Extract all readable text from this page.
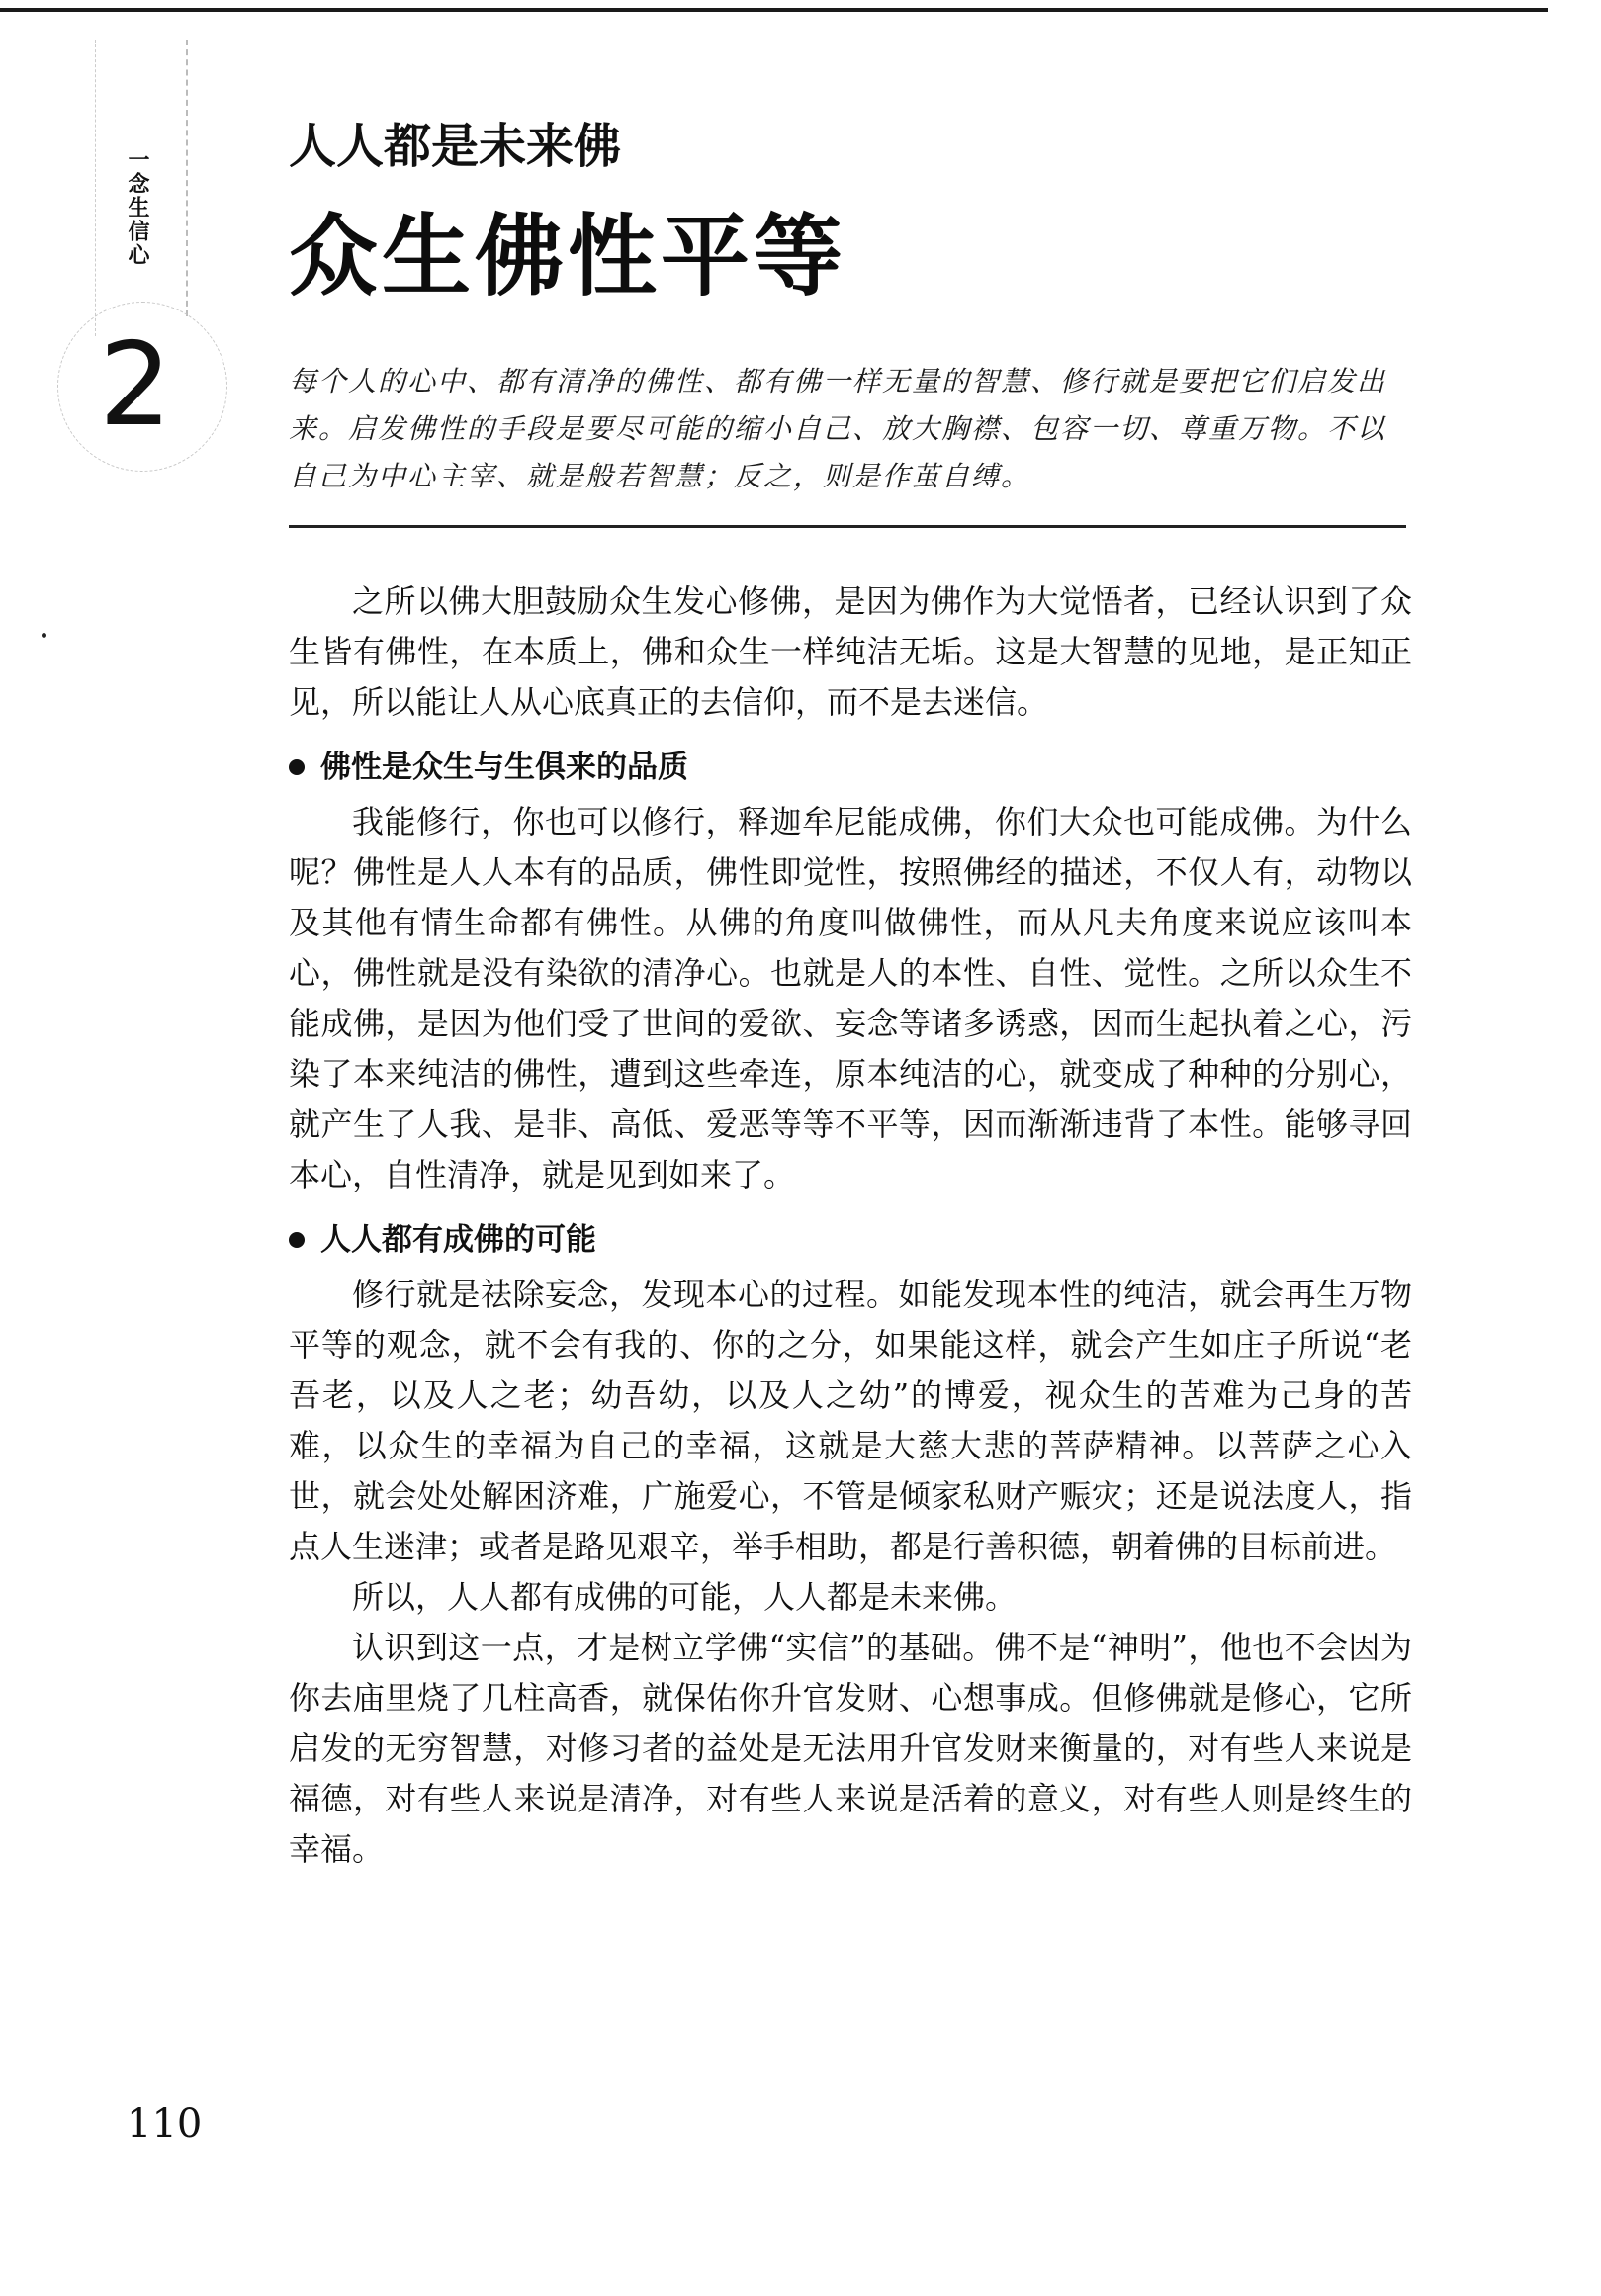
一念生信心
2
人人都是未来佛
众生佛性平等
每个人的心中、都有清净的佛性、都有佛一样无量的智慧、修行就是要把它们启发出来。启发佛性的手段是要尽可能的缩小自己、放大胸襟、包容一切、尊重万物。不以自己为中心主宰、就是般若智慧；反之，则是作茧自缚。

之所以佛大胆鼓励众生发心修佛，是因为佛作为大觉悟者，已经认识到了众生皆有佛性，在本质上，佛和众生一样纯洁无垢。这是大智慧的见地，是正知正见，所以能让人从心底真正的去信仰，而不是去迷信。

佛性是众生与生俱来的品质

我能修行，你也可以修行，释迦牟尼能成佛，你们大众也可能成佛。为什么呢？佛性是人人本有的品质，佛性即觉性，按照佛经的描述，不仅人有，动物以及其他有情生命都有佛性。从佛的角度叫做佛性，而从凡夫角度来说应该叫本心，佛性就是没有染欲的清净心。也就是人的本性、自性、觉性。之所以众生不能成佛，是因为他们受了世间的爱欲、妄念等诸多诱惑，因而生起执着之心，污染了本来纯洁的佛性，遭到这些牵连，原本纯洁的心，就变成了种种的分别心，就产生了人我、是非、高低、爱恶等等不平等，因而渐渐违背了本性。能够寻回本心，自性清净，就是见到如来了。

人人都有成佛的可能

修行就是祛除妄念，发现本心的过程。如能发现本性的纯洁，就会再生万物平等的观念，就不会有我的、你的之分，如果能这样，就会产生如庄子所说“老吾老，以及人之老；幼吾幼，以及人之幼”的博爱，视众生的苦难为己身的苦难，以众生的幸福为自己的幸福，这就是大慈大悲的菩萨精神。以菩萨之心入世，就会处处解困济难，广施爱心，不管是倾家私财产赈灾；还是说法度人，指点人生迷津；或者是路见艰辛，举手相助，都是行善积德，朝着佛的目标前进。

所以，人人都有成佛的可能，人人都是未来佛。

认识到这一点，才是树立学佛“实信”的基础。佛不是“神明”，他也不会因为你去庙里烧了几柱高香，就保佑你升官发财、心想事成。但修佛就是修心，它所启发的无穷智慧，对修习者的益处是无法用升官发财来衡量的，对有些人来说是福德，对有些人来说是清净，对有些人来说是活着的意义，对有些人则是终生的幸福。

110
